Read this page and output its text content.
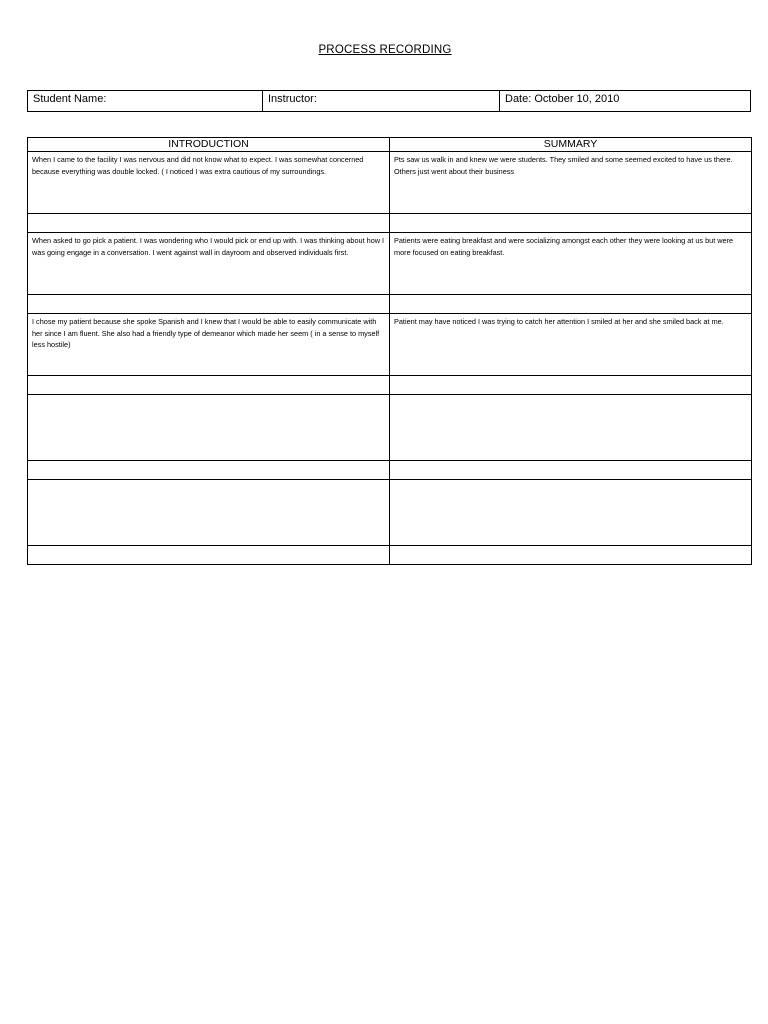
PROCESS RECORDING
Student Name:	Instructor:	Date: October 10, 2010
INTRODUCTION	SUMMARY
When I came to the facility I was nervous and did not know what to expect. I was somewhat concerned because everything was double locked. ( I noticed I was extra cautious of my surroundings.	Pts saw us walk in and knew we were students. They smiled and some seemed excited to have us there. Others just went about their business

When asked to go pick a patient. I was wondering who I would pick or end up with. I was thinking about how I was going engage in a conversation. I went against wall in dayroom and observed individuals first.	Patients were eating breakfast and were socializing amongst each other they were looking at us but were more focused on eating breakfast.

I chose my patient because she spoke Spanish and I knew that I would be able to easily communicate with her since I am fluent. She also had a friendly type of demeanor which made her seem ( in a sense to myself less hostile)	Patient may have noticed I was trying to catch her attention I smiled at her and she smiled back at me.
